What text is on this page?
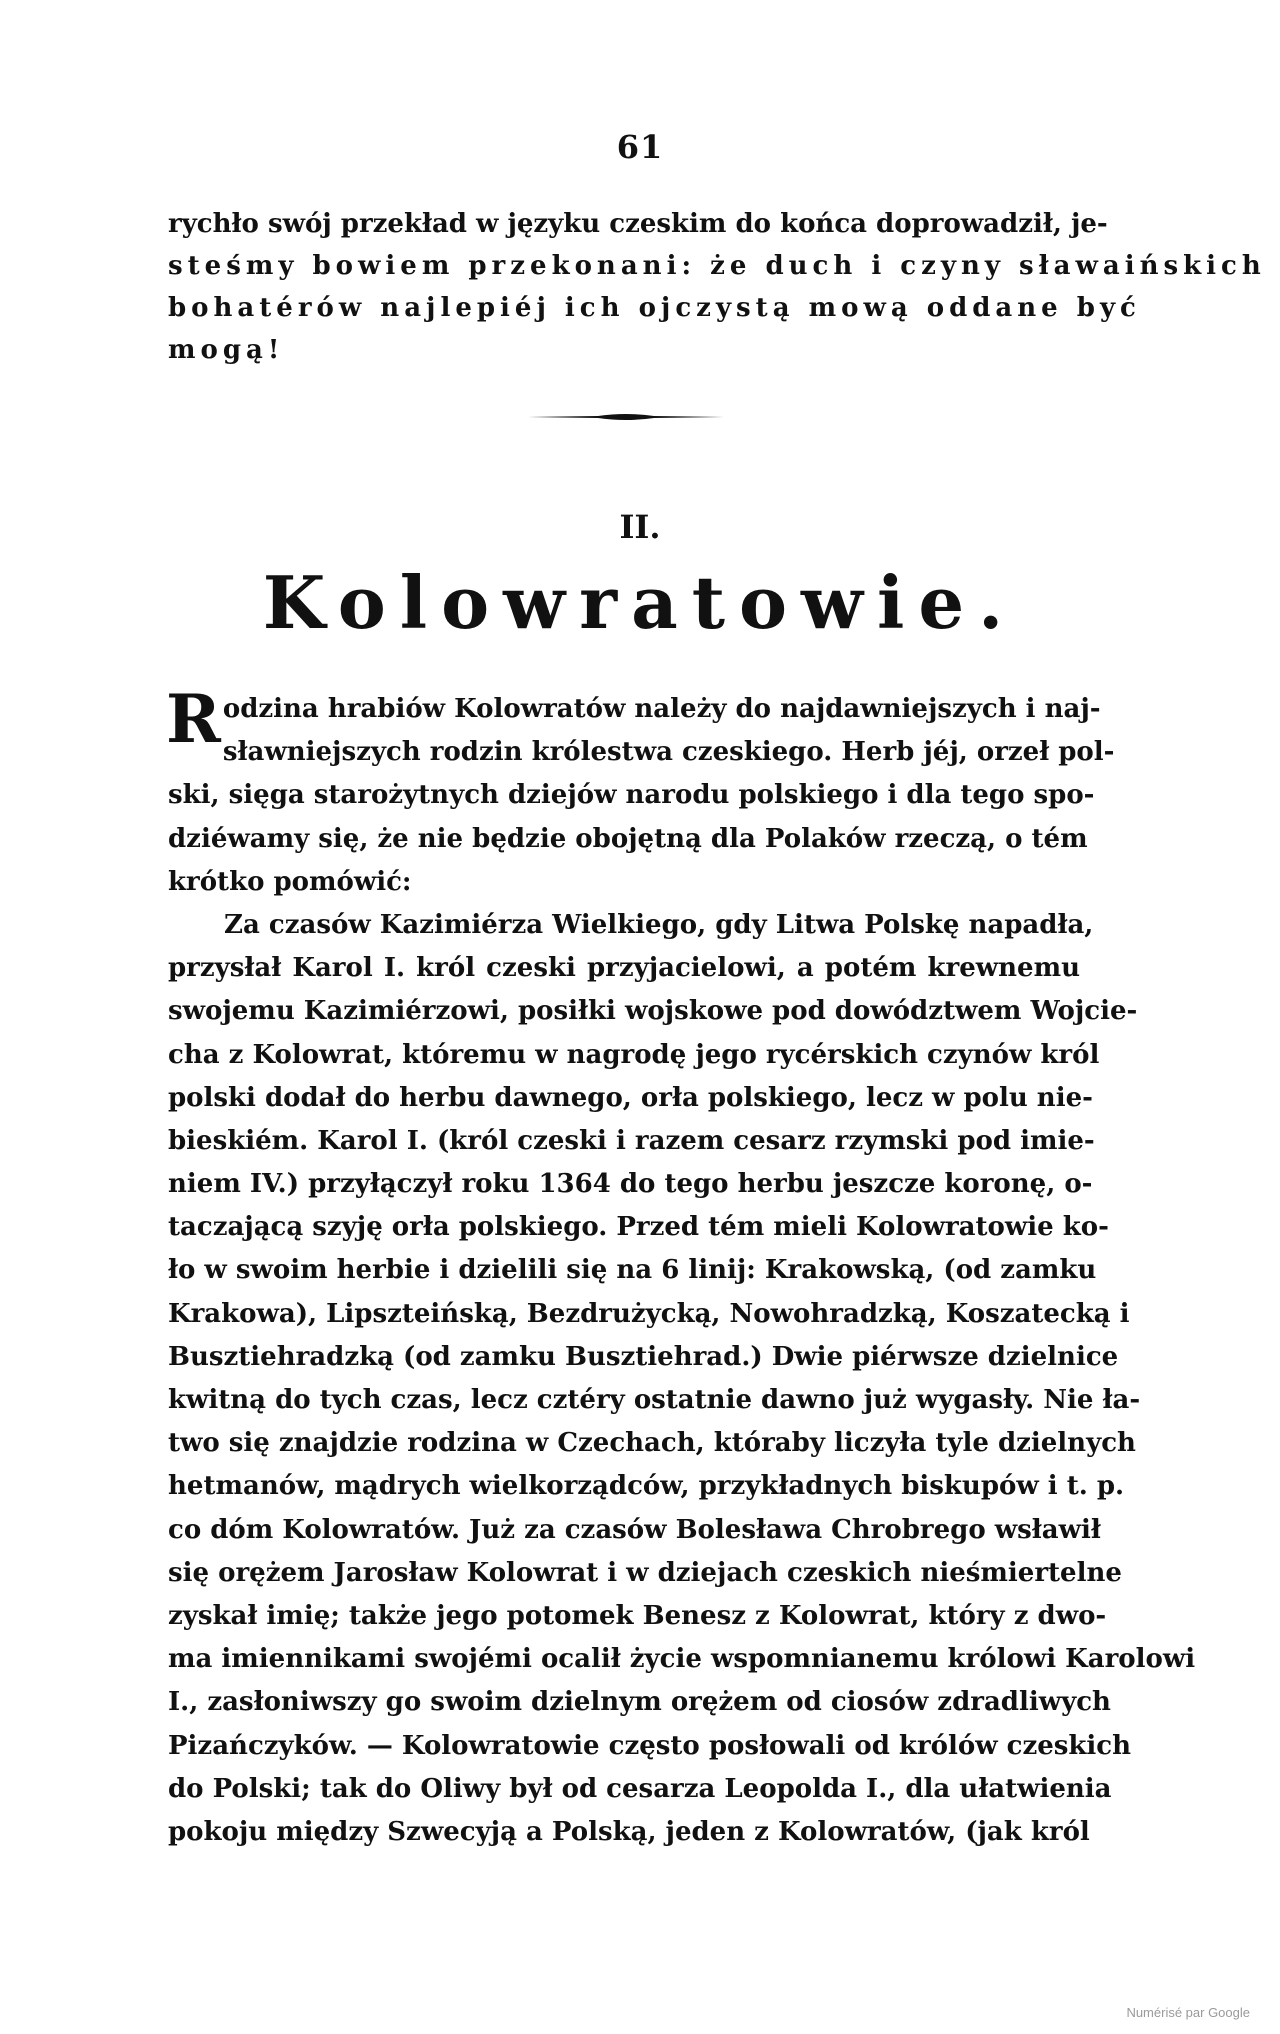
61
rychło swój przekład w języku czeskim do końca doprowadził, je-
steśmy bowiem przekonani: że duch i czyny sławaińskich
bohatérów najlepiéj ich ojczystą mową oddane być
mogą!
II.
Kolowratowie.
Rodzina hrabiów Kolowratów należy do najdawniejszych i naj-
sławniejszych rodzin królestwa czeskiego. Herb jéj, orzeł pol-
ski, sięga starożytnych dziejów narodu polskiego i dla tego spo-
dziéwamy się, że nie będzie obojętną dla Polaków rzeczą, o tém
krótko pomówić:
Za czasów Kazimiérza Wielkiego, gdy Litwa Polskę napadła,
przysłał Karol I. król czeski przyjacielowi, a potém krewnemu
swojemu Kazimiérzowi, posiłki wojskowe pod dowództwem Wojcie-
cha z Kolowrat, któremu w nagrodę jego rycérskich czynów król
polski dodał do herbu dawnego, orła polskiego, lecz w polu nie-
bieskiém. Karol I. (król czeski i razem cesarz rzymski pod imie-
niem IV.) przyłączył roku 1364 do tego herbu jeszcze koronę, o-
taczającą szyję orła polskiego. Przed tém mieli Kolowratowie ko-
ło w swoim herbie i dzielili się na 6 linij: Krakowską, (od zamku
Krakowa), Lipszteińską, Bezdrużycką, Nowohradzką, Koszatecką i
Busztiehradzką (od zamku Busztiehrad.) Dwie piérwsze dzielnice
kwitną do tych czas, lecz cztéry ostatnie dawno już wygasły. Nie ła-
two się znajdzie rodzina w Czechach, któraby liczyła tyle dzielnych
hetmanów, mądrych wielkorządców, przykładnych biskupów i t. p.
co dóm Kolowratów. Już za czasów Bolesława Chrobrego wsławił
się orężem Jarosław Kolowrat i w dziejach czeskich nieśmiertelne
zyskał imię; także jego potomek Benesz z Kolowrat, który z dwo-
ma imiennikami swojémi ocalił życie wspomnianemu królowi Karolowi
I., zasłoniwszy go swoim dzielnym orężem od ciosów zdradliwych
Pizańczyków. — Kolowratowie często posłowali od królów czeskich
do Polski; tak do Oliwy był od cesarza Leopolda I., dla ułatwienia
pokoju między Szwecyją a Polską, jeden z Kolowratów, (jak król
Numérisé par Google
